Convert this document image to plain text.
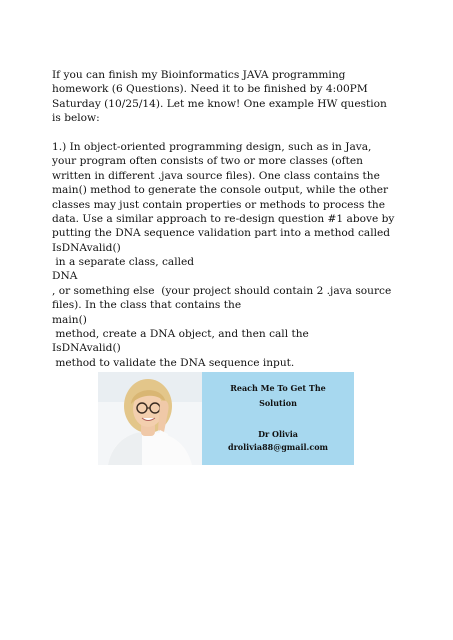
If you can finish my Bioinformatics JAVA programming
homework (6 Questions). Need it to be finished by 4:00PM
Saturday (10/25/14). Let me know! One example HW question
is below:
1.) In object-oriented programming design, such as in Java,
your program often consists of two or more classes (often
written in different .java source files). One class contains the
main() method to generate the console output, while the other
classes may just contain properties or methods to process the
data. Use a similar approach to re-design question #1 above by
putting the DNA sequence validation part into a method called
IsDNAvalid()
in a separate class, called
DNA
, or something else  (your project should contain 2 .java source
files). In the class that contains the
main()
method, create a DNA object, and then call the
IsDNAvalid()
method to validate the DNA sequence input.
Reach Me To Get The
Solution
Dr Olivia
drolivia88@gmail.com
